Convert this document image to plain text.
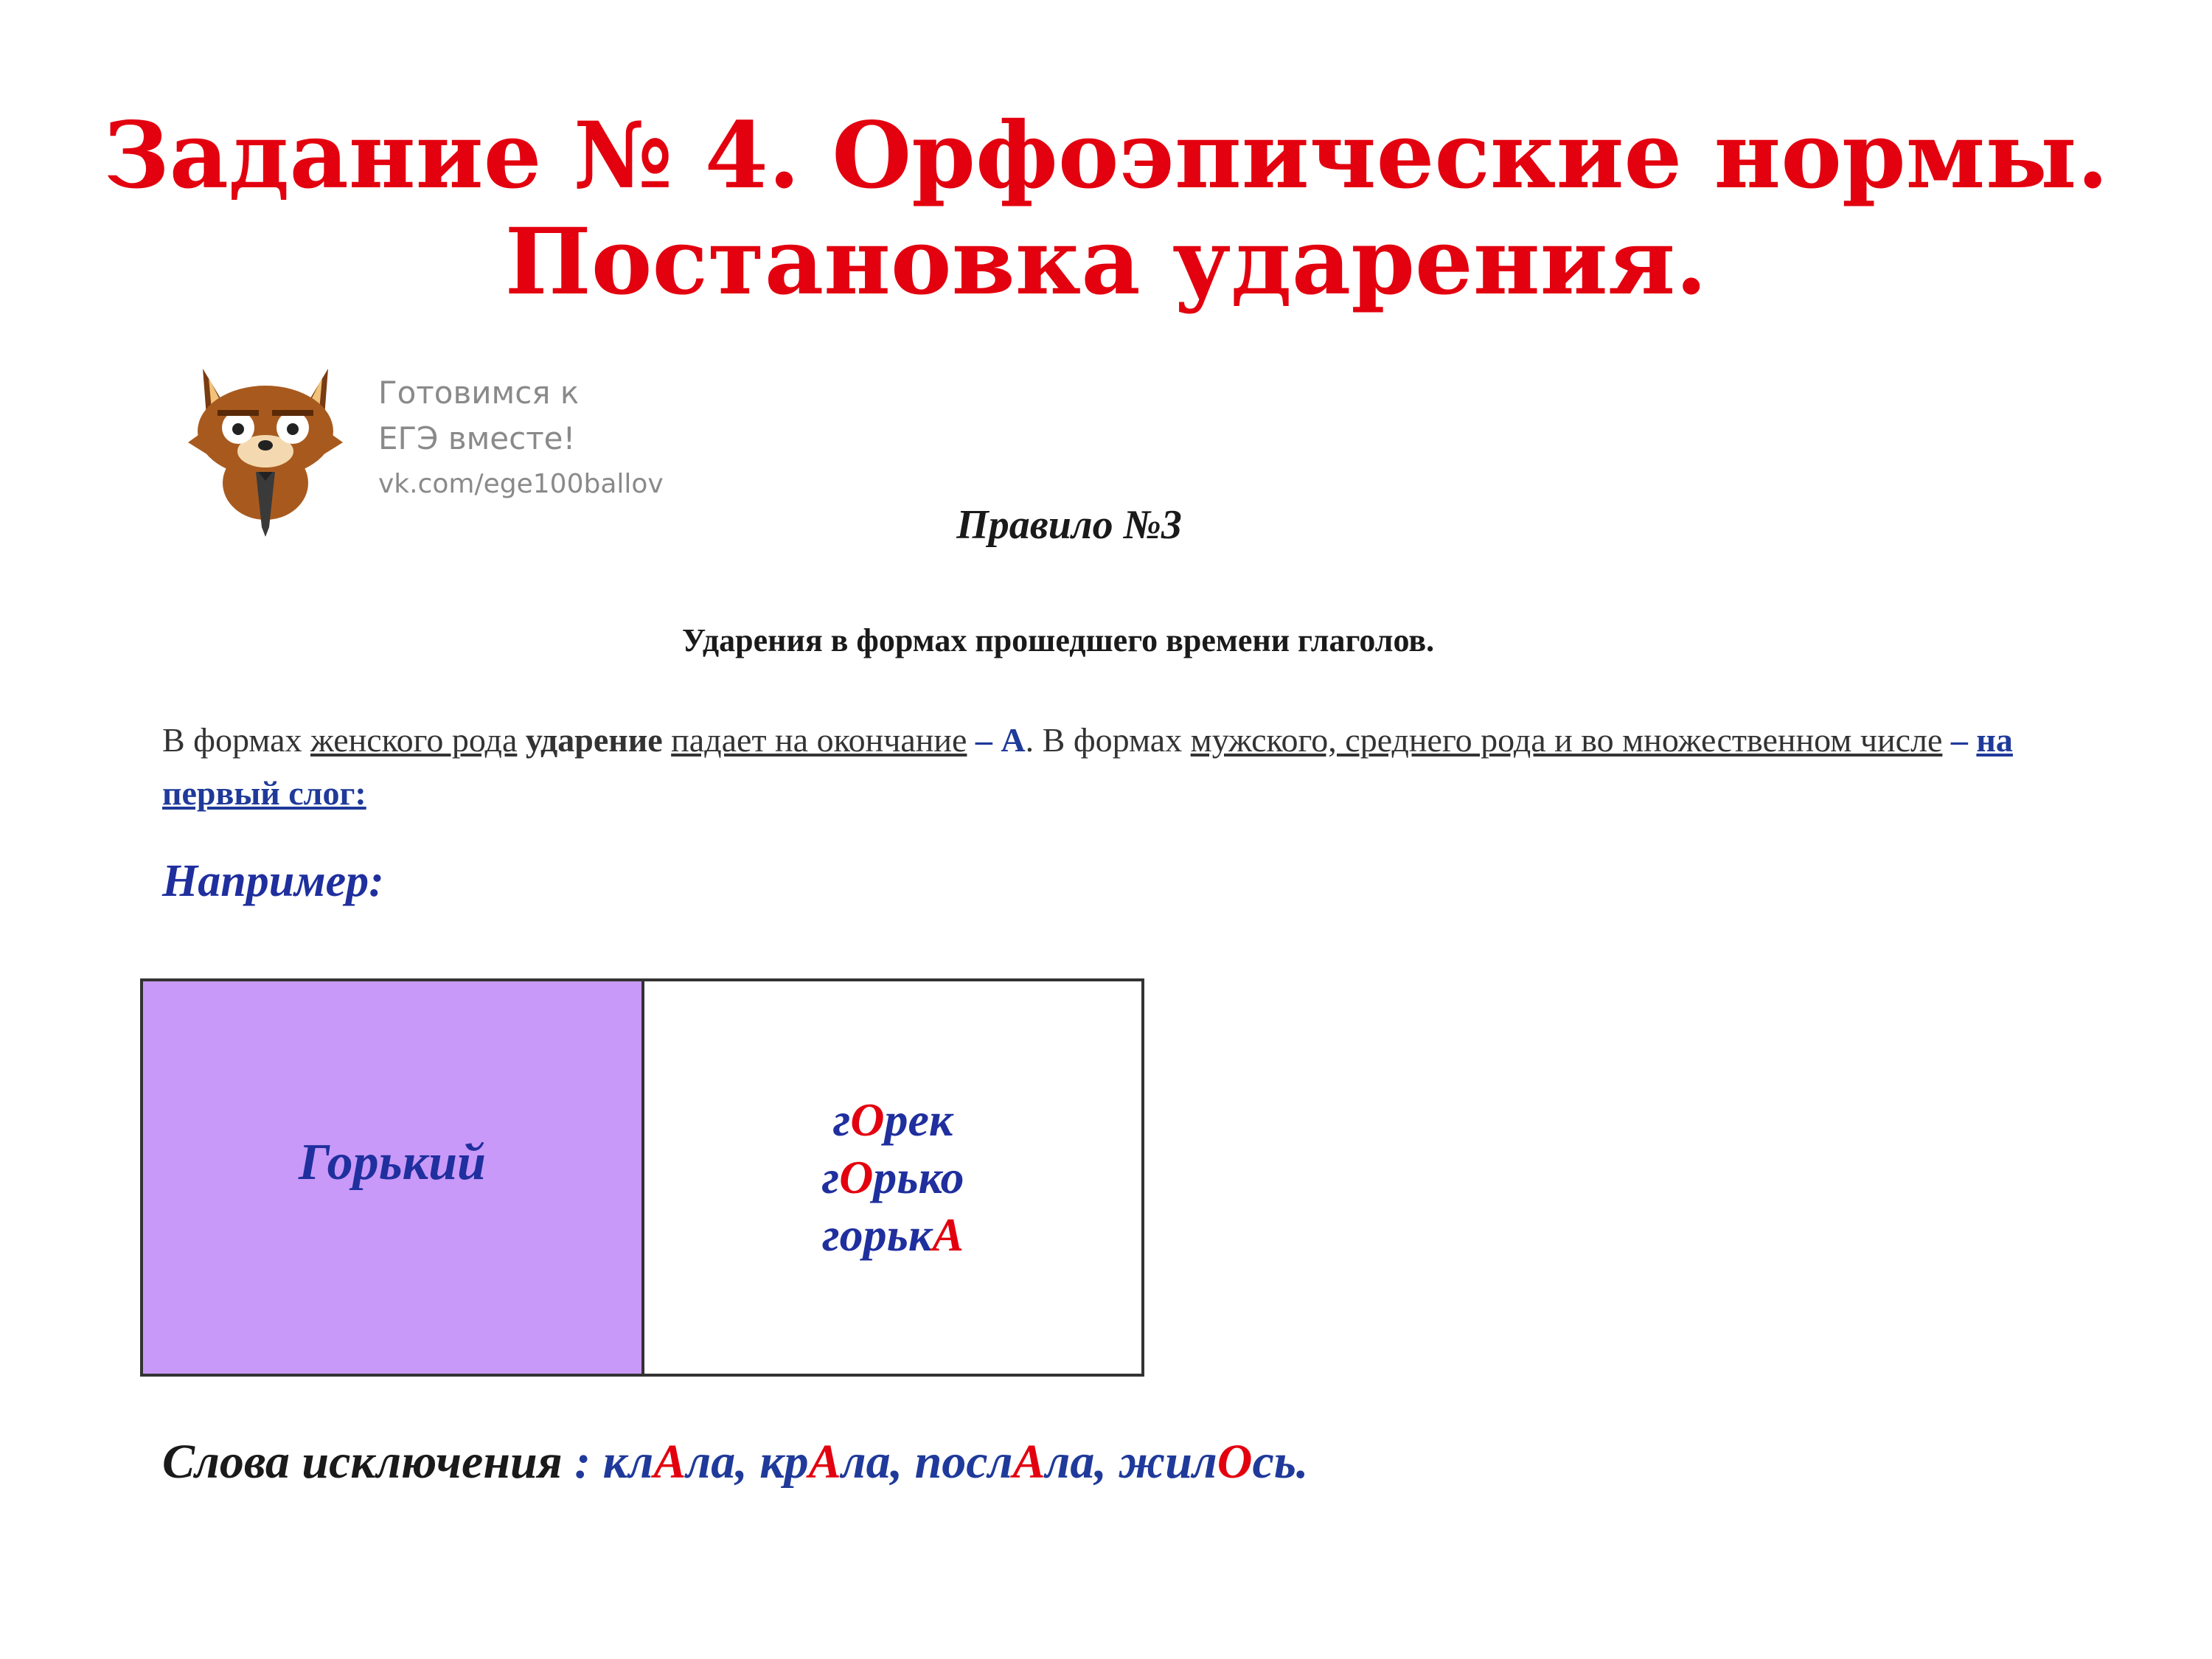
Задание № 4. Орфоэпические нормы.
Постановка ударения.
Готовимся к
ЕГЭ вместе!
vk.com/ege100ballov
Правило №3
Ударения в формах прошедшего времени глаголов.
В формах женского рода ударение падает на окончание – А. В формах мужского, среднего рода и во множественном числе – на первый слог:
Например:
Горький
гОрек
гОрько
горькА
Слова исключения : клАла, крАла, послАла, жилОсь.
